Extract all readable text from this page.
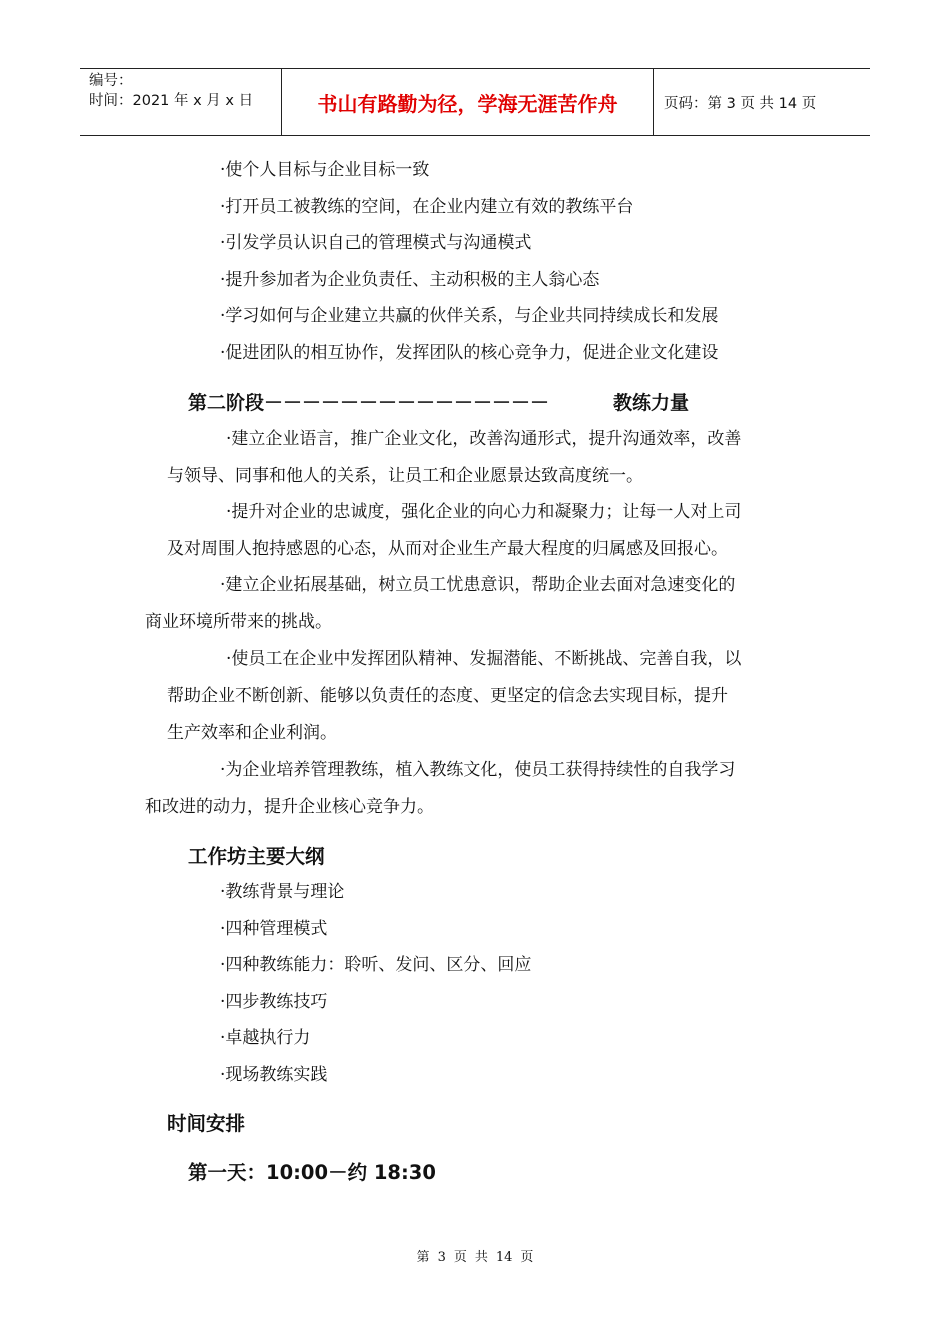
编号：
时间：2021 年 x 月 x 日	书山有路勤为径，学海无涯苦作舟	页码：第 3 页 共 14 页
·使个人目标与企业目标一致
·打开员工被教练的空间，在企业内建立有效的教练平台
·引发学员认识自己的管理模式与沟通模式
·提升参加者为企业负责任、主动积极的主人翁心态
·学习如何与企业建立共赢的伙伴关系，与企业共同持续成长和发展
·促进团队的相互协作，发挥团队的核心竞争力，促进企业文化建设
第二阶段－－－－－－－－－－－－－－－	教练力量
·建立企业语言，推广企业文化，改善沟通形式，提升沟通效率，改善
与领导、同事和他人的关系，让员工和企业愿景达致高度统一。
·提升对企业的忠诚度，强化企业的向心力和凝聚力；让每一人对上司
及对周围人抱持感恩的心态，从而对企业生产最大程度的归属感及回报心。
·建立企业拓展基础，树立员工忧患意识，帮助企业去面对急速变化的
商业环境所带来的挑战。
·使员工在企业中发挥团队精神、发掘潜能、不断挑战、完善自我，以
帮助企业不断创新、能够以负责任的态度、更坚定的信念去实现目标，提升
生产效率和企业利润。
·为企业培养管理教练，植入教练文化，使员工获得持续性的自我学习
和改进的动力，提升企业核心竞争力。
工作坊主要大纲
·教练背景与理论
·四种管理模式
·四种教练能力：聆听、发问、区分、回应
·四步教练技巧
·卓越执行力
·现场教练实践
时间安排
第一天：10:00－约 18:30
第 3 页 共 14 页
